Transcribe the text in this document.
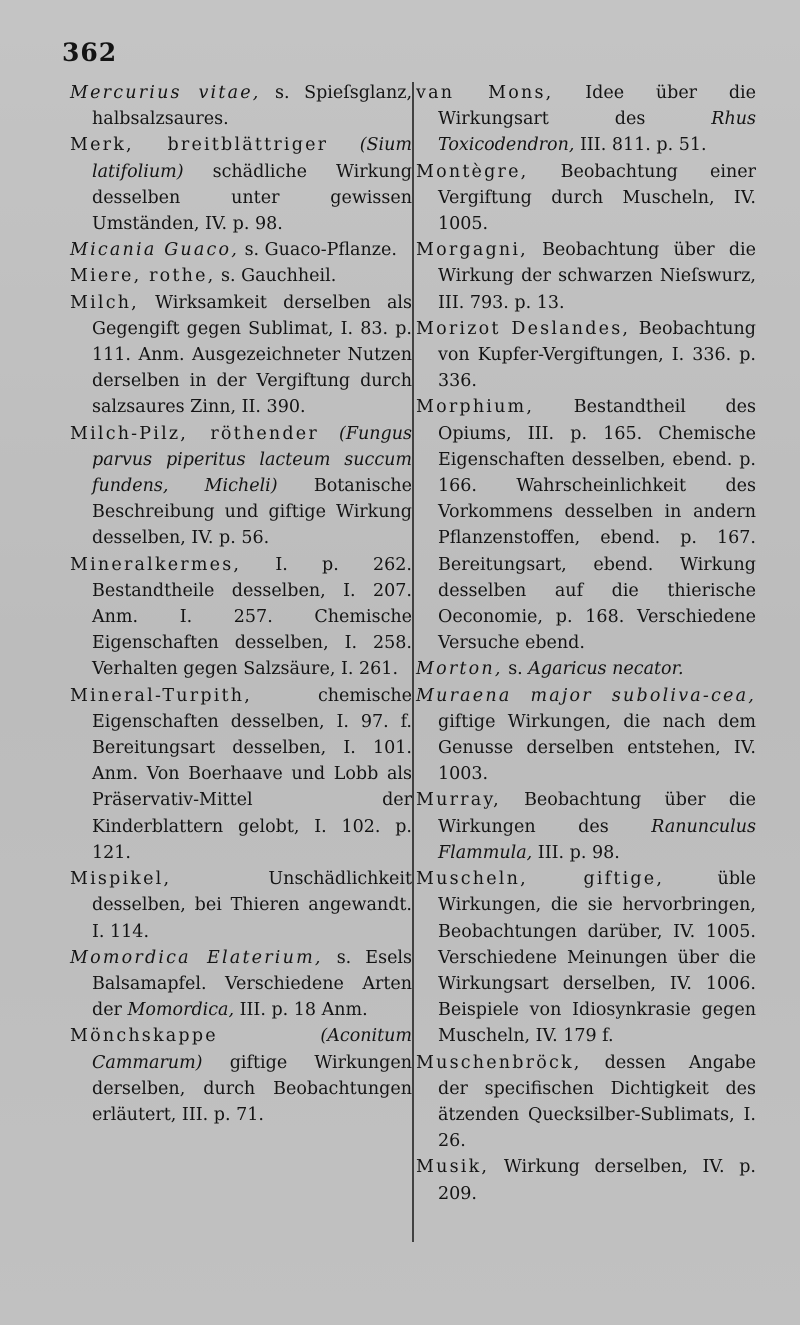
362
Mercurius vitae, s. Spieſsglanz, halbsalzsaures.
Merk, breitblättriger (Sium latifolium) schädliche Wirkung desselben unter gewissen Umständen, IV. p. 98.
Micania Guaco, s. Guaco-Pflanze.
Miere, rothe, s. Gauchheil.
Milch, Wirksamkeit derselben als Gegengift gegen Sublimat, I. 83. p. 111. Anm. Ausgezeichneter Nutzen derselben in der Vergiftung durch salzsaures Zinn, II. 390.
Milch-Pilz, röthender (Fungus parvus piperitus lacteum succum fundens, Micheli) Botanische Beschreibung und giftige Wirkung desselben, IV. p. 56.
Mineralkermes, I. p. 262. Bestandtheile desselben, I. 207. Anm. I. 257. Chemische Eigenschaften desselben, I. 258. Verhalten gegen Salzsäure, I. 261.
Mineral-Turpith, chemische Eigenschaften desselben, I. 97. f. Bereitungsart desselben, I. 101. Anm. Von Boerhaave und Lobb als Präservativ-Mittel der Kinderblattern gelobt, I. 102. p. 121.
Mispikel, Unschädlichkeit desselben, bei Thieren angewandt. I. 114.
Momordica Elaterium, s. Esels Balsamapfel. Verschiedene Arten der Momordica, III. p. 18 Anm.
Mönchskappe	(Aconitum Cammarum) giftige Wirkungen derselben, durch Beobachtungen erläutert, III. p. 71.
van Mons, Idee über die Wirkungsart des Rhus Toxicodendron, III. 811. p. 51.
Montègre, Beobachtung einer Vergiftung durch Muscheln, IV. 1005.
Morgagni, Beobachtung über die Wirkung der schwarzen Nieſswurz, III. 793. p. 13.
Morizot Deslandes, Beobachtung von Kupfer-Vergiftungen, I. 336. p. 336.
Morphium, Bestandtheil des Opiums, III. p. 165. Chemische Eigenschaften desselben, ebend. p. 166. Wahrscheinlichkeit des Vorkommens desselben in andern Pflanzenstoffen, ebend. p. 167. Bereitungsart, ebend. Wirkung desselben auf die thierische Oeconomie, p. 168. Verschiedene Versuche ebend.
Morton, s. Agaricus necator.
Muraena major suboliva-cea, giftige Wirkungen, die nach dem Genusse derselben entstehen, IV. 1003.
Murray, Beobachtung über die Wirkungen des Ranunculus Flammula, III. p. 98.
Muscheln, giftige, üble Wirkungen, die sie hervorbringen, Beobachtungen darüber, IV. 1005. Verschiedene Meinungen über die Wirkungsart derselben, IV. 1006. Beispiele von Idiosynkrasie gegen Muscheln, IV. 179 f.
Muschenbröck, dessen Angabe der specifischen Dichtigkeit des ätzenden Quecksilber-Sublimats, I. 26.
Musik, Wirkung derselben, IV. p. 209.
